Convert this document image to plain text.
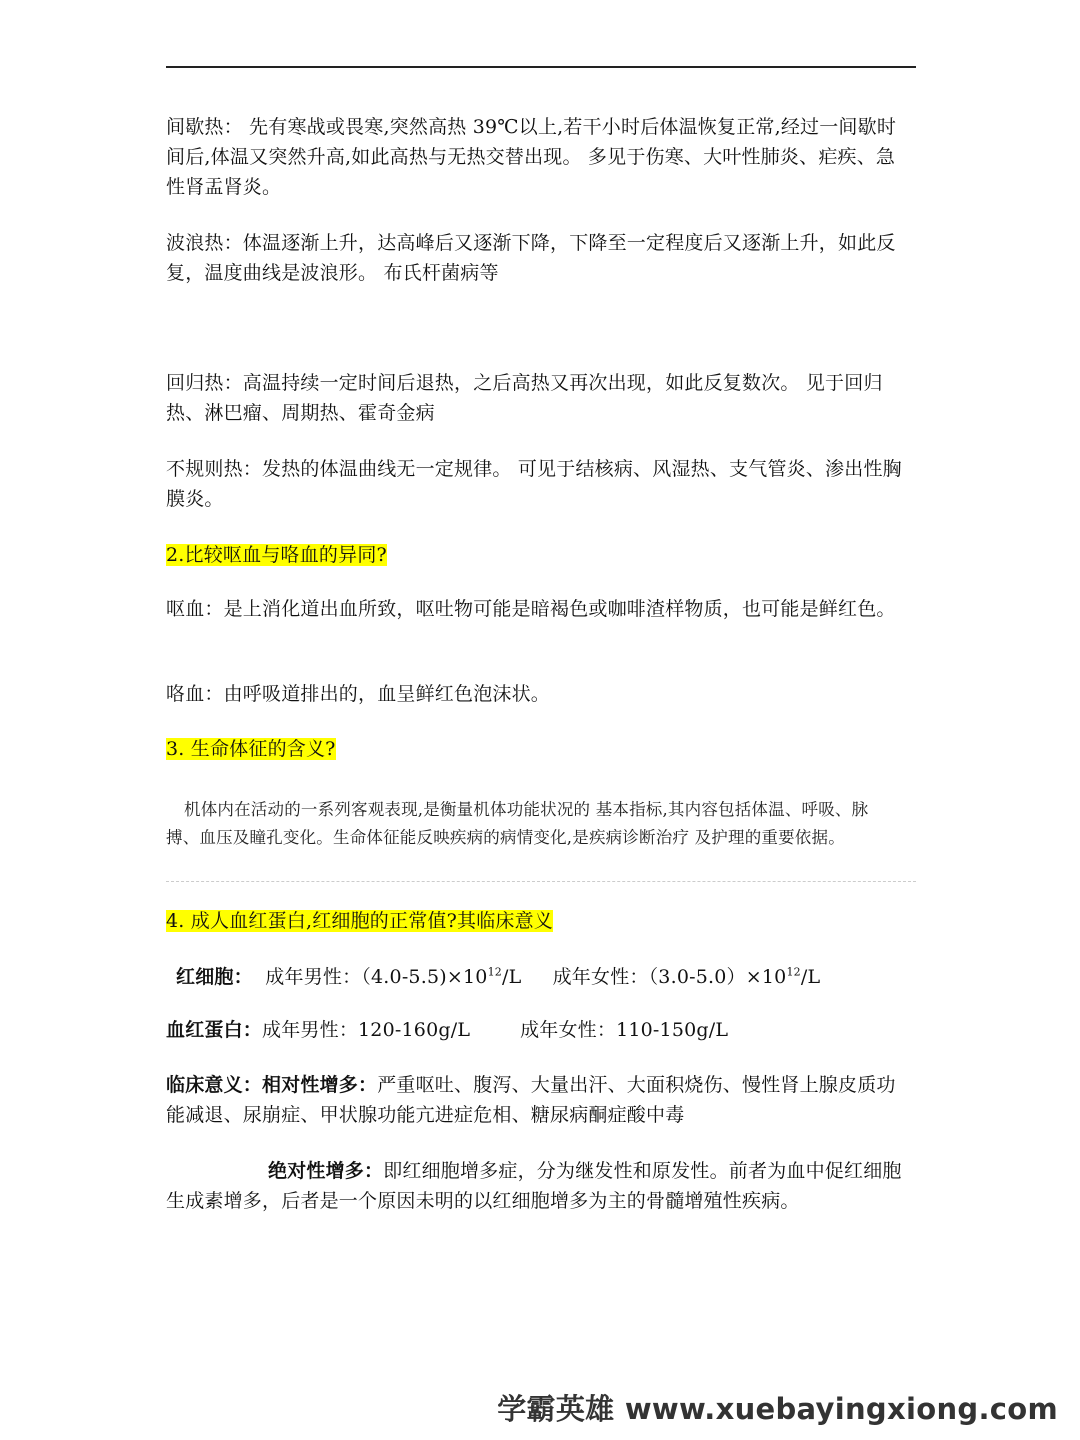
间歇热： 先有寒战或畏寒,突然高热 39℃以上,若干小时后体温恢复正常,经过一间歇时间后,体温又突然升高,如此高热与无热交替出现。 多见于伤寒、大叶性肺炎、疟疾、急性肾盂肾炎。
波浪热：体温逐渐上升，达高峰后又逐渐下降，下降至一定程度后又逐渐上升，如此反复，温度曲线是波浪形。 布氏杆菌病等
回归热：高温持续一定时间后退热，之后高热又再次出现，如此反复数次。 见于回归热、淋巴瘤、周期热、霍奇金病
不规则热：发热的体温曲线无一定规律。 可见于结核病、风湿热、支气管炎、渗出性胸膜炎。
2.比较呕血与咯血的异同?
呕血：是上消化道出血所致，呕吐物可能是暗褐色或咖啡渣样物质，也可能是鲜红色。
咯血：由呼吸道排出的，血呈鲜红色泡沫状。
3. 生命体征的含义?
机体内在活动的一系列客观表现,是衡量机体功能状况的 基本指标,其内容包括体温、呼吸、脉 搏、血压及瞳孔变化。生命体征能反映疾病的病情变化,是疾病诊断治疗 及护理的重要依据。
4. 成人血红蛋白,红细胞的正常值?其临床意义
红细胞： 成年男性：$(4.0-5.5)\times 10^{12}/L$ 成年女性：$(3.0-5.0)\times 10^{12}/L$
血红蛋白：成年男性：120-160g/L        成年女性：110-150g/L
临床意义：相对性增多：严重呕吐、腹泻、大量出汗、大面积烧伤、慢性肾上腺皮质功能减退、尿崩症、甲状腺功能亢进症危相、糖尿病酮症酸中毒
绝对性增多：即红细胞增多症，分为继发性和原发性。前者为血中促红细胞生成素增多，后者是一个原因未明的以红细胞增多为主的骨髓增殖性疾病。
学霸英雄 www.xuebayingxiong.com
